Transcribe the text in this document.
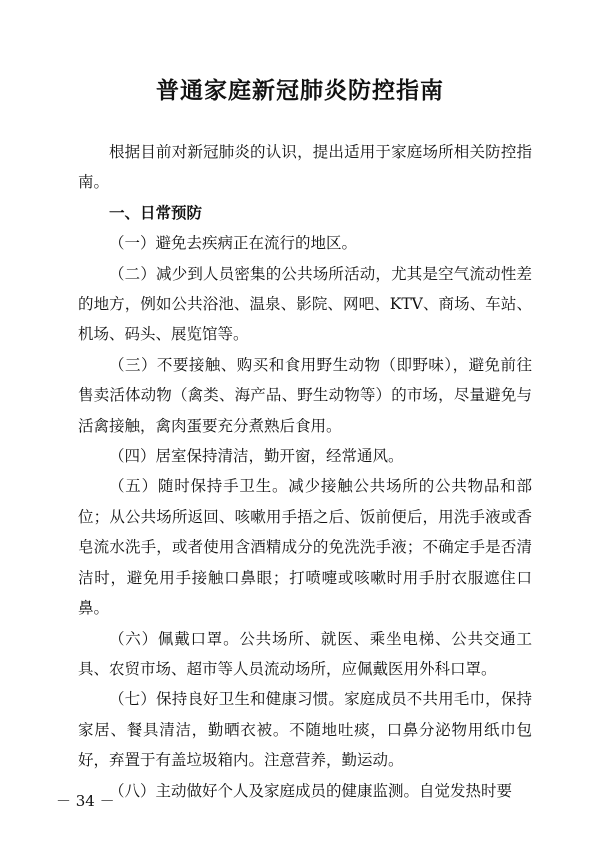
普通家庭新冠肺炎防控指南

根据目前对新冠肺炎的认识，提出适用于家庭场所相关防控指南。

一、日常预防

（一）避免去疾病正在流行的地区。

（二）减少到人员密集的公共场所活动，尤其是空气流动性差的地方，例如公共浴池、温泉、影院、网吧、KTV、商场、车站、机场、码头、展览馆等。

（三）不要接触、购买和食用野生动物（即野味），避免前往售卖活体动物（禽类、海产品、野生动物等）的市场，尽量避免与活禽接触，禽肉蛋要充分煮熟后食用。

（四）居室保持清洁，勤开窗，经常通风。

（五）随时保持手卫生。减少接触公共场所的公共物品和部位；从公共场所返回、咳嗽用手捂之后、饭前便后，用洗手液或香皂流水洗手，或者使用含酒精成分的免洗洗手液；不确定手是否清洁时，避免用手接触口鼻眼；打喷嚏或咳嗽时用手肘衣服遮住口鼻。

（六）佩戴口罩。公共场所、就医、乘坐电梯、公共交通工具、农贸市场、超市等人员流动场所，应佩戴医用外科口罩。

（七）保持良好卫生和健康习惯。家庭成员不共用毛巾，保持家居、餐具清洁，勤晒衣被。不随地吐痰，口鼻分泌物用纸巾包好，弃置于有盖垃圾箱内。注意营养，勤运动。

（八）主动做好个人及家庭成员的健康监测。自觉发热时要

－ 34 －
